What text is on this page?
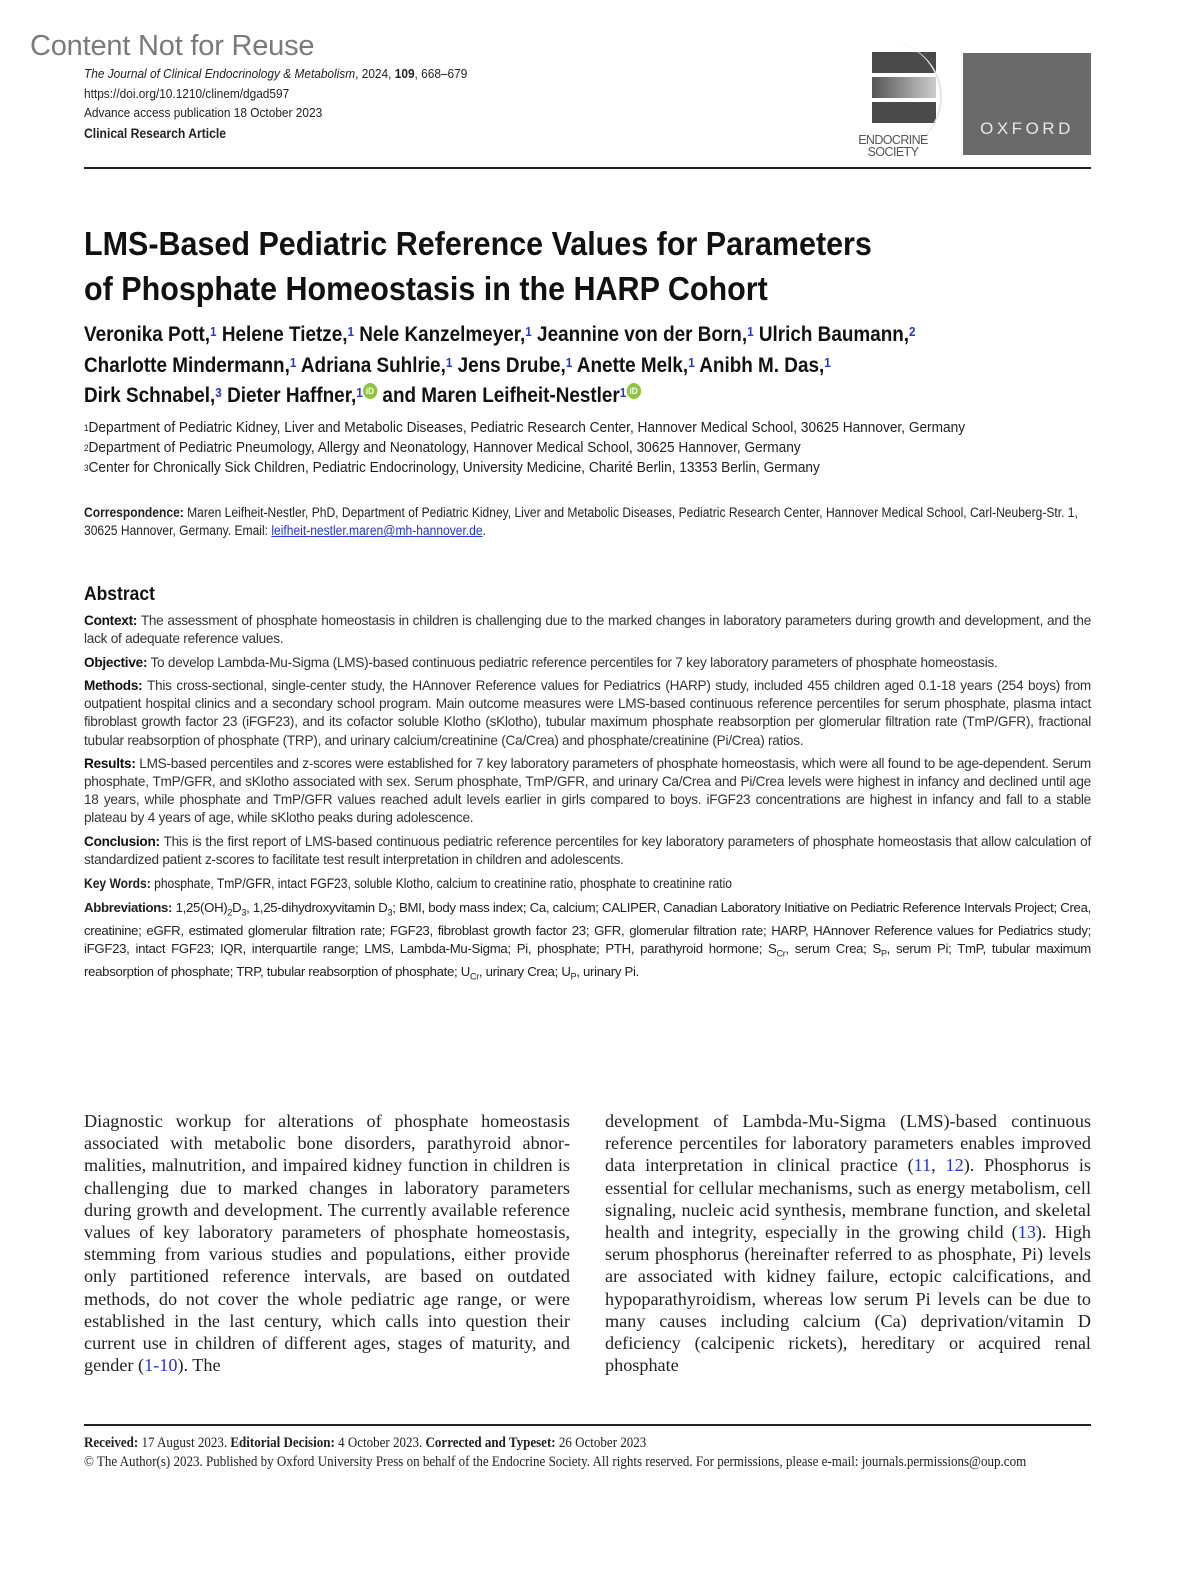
Content Not for Reuse
The Journal of Clinical Endocrinology & Metabolism, 2024, 109, 668–679
https://doi.org/10.1210/clinem/dgad597
Advance access publication 18 October 2023
Clinical Research Article	ENDOCRINE
SOCIETY
OXFORD
LMS-Based Pediatric Reference Values for Parameters
of Phosphate Homeostasis in the HARP Cohort
Veronika Pott,$^1$ Helene Tietze,$^1$ Nele Kanzelmeyer,$^1$ Jeannine von der Born,$^1$ Ulrich Baumann,$^2$
Charlotte Mindermann,$^1$ Adriana Suhlrie,$^1$ Jens Drube,$^1$ Anette Melk,$^1$ Anibh M. Das,$^1$
Dirk Schnabel,$^3$ Dieter Haffner,$^1$ iD and Maren Leifheit-Nestler$^1$ iD
$^1$Department of Pediatric Kidney, Liver and Metabolic Diseases, Pediatric Research Center, Hannover Medical School, 30625 Hannover, Germany
$^2$Department of Pediatric Pneumology, Allergy and Neonatology, Hannover Medical School, 30625 Hannover, Germany
$^3$Center for Chronically Sick Children, Pediatric Endocrinology, University Medicine, Charité Berlin, 13353 Berlin, Germany
Correspondence: Maren Leifheit-Nestler, PhD, Department of Pediatric Kidney, Liver and Metabolic Diseases, Pediatric Research Center, Hannover Medical School, Carl-Neuberg-Str. 1, 30625 Hannover, Germany. Email: leifheit-nestler.maren@mh-hannover.de.
Abstract

Context: The assessment of phosphate homeostasis in children is challenging due to the marked changes in laboratory parameters during growth and development, and the lack of adequate reference values.

Objective: To develop Lambda-Mu-Sigma (LMS)-based continuous pediatric reference percentiles for 7 key laboratory parameters of phosphate homeostasis.

Methods: This cross-sectional, single-center study, the HAnnover Reference values for Pediatrics (HARP) study, included 455 children aged 0.1-18 years (254 boys) from outpatient hospital clinics and a secondary school program. Main outcome measures were LMS-based continuous reference percentiles for serum phosphate, plasma intact fibroblast growth factor 23 (iFGF23), and its cofactor soluble Klotho (sKlotho), tubular maximum phosphate reabsorption per glomerular filtration rate (TmP/GFR), fractional tubular reabsorption of phosphate (TRP), and urinary calcium/creatinine (Ca/Crea) and phosphate/creatinine (Pi/Crea) ratios.

Results: LMS-based percentiles and z-scores were established for 7 key laboratory parameters of phosphate homeostasis, which were all found to be age-dependent. Serum phosphate, TmP/GFR, and sKlotho associated with sex. Serum phosphate, TmP/GFR, and urinary Ca/Crea and Pi/Crea levels were highest in infancy and declined until age 18 years, while phosphate and TmP/GFR values reached adult levels earlier in girls compared to boys. iFGF23 concentrations are highest in infancy and fall to a stable plateau by 4 years of age, while sKlotho peaks during adolescence.

Conclusion: This is the first report of LMS-based continuous pediatric reference percentiles for key laboratory parameters of phosphate homeostasis that allow calculation of standardized patient z-scores to facilitate test result interpretation in children and adolescents.

Key Words: phosphate, TmP/GFR, intact FGF23, soluble Klotho, calcium to creatinine ratio, phosphate to creatinine ratio

Abbreviations: $1,25(OH)_2D_3$, 1,25-dihydroxyvitamin $D_3$; BMI, body mass index; Ca, calcium; CALIPER, Canadian Laboratory Initiative on Pediatric Reference Intervals Project; Crea, creatinine; eGFR, estimated glomerular filtration rate; FGF23, fibroblast growth factor 23; GFR, glomerular filtration rate; HARP, HAnnover Reference values for Pediatrics study; iFGF23, intact FGF23; IQR, interquartile range; LMS, Lambda-Mu-Sigma; Pi, phosphate; PTH, parathyroid hormone; $S_{Cr}$, serum Crea; $S_P$, serum Pi; TmP, tubular maximum reabsorption of phosphate; TRP, tubular reabsorption of phosphate; $U_{Cr}$, urinary Crea; $U_P$, urinary Pi.

Diagnostic workup for alterations of phosphate homeostasis associated with metabolic bone disorders, parathyroid abnormalities, malnutrition, and impaired kidney function in children is challenging due to marked changes in laboratory parameters during growth and development. The currently available reference values of key laboratory parameters of phosphate homeostasis, stemming from various studies and populations, either provide only partitioned reference intervals, are based on outdated methods, do not cover the whole pediatric age range, or were established in the last century, which calls into question their current use in children of different ages, stages of maturity, and gender (1-10). The
development of Lambda-Mu-Sigma (LMS)-based continuous reference percentiles for laboratory parameters enables improved data interpretation in clinical practice (11, 12). Phosphorus is essential for cellular mechanisms, such as energy metabolism, cell signaling, nucleic acid synthesis, membrane function, and skeletal health and integrity, especially in the growing child (13). High serum phosphorus (hereinafter referred to as phosphate, Pi) levels are associated with kidney failure, ectopic calcifications, and hypoparathyroidism, whereas low serum Pi levels can be due to many causes including calcium (Ca) deprivation/vitamin D deficiency (calcipenic rickets), hereditary or acquired renal phosphate
Received: 17 August 2023. Editorial Decision: 4 October 2023. Corrected and Typeset: 26 October 2023
© The Author(s) 2023. Published by Oxford University Press on behalf of the Endocrine Society. All rights reserved. For permissions, please e-mail: journals.permissions@oup.com
